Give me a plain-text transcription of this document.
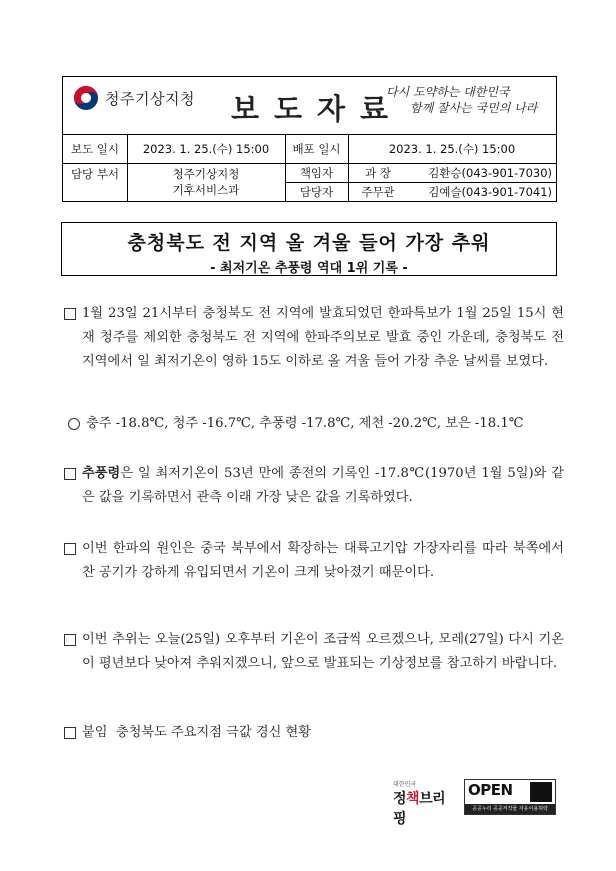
청주기상지청 보도자료
다시 도약하는 대한민국
함께 잘사는 국민의 나라
보도 일시	2023. 1. 25.(수) 15:00	배포 일시	2023. 1. 25.(수) 15:00
담당 부서	청주기상지청
기후서비스과
책임자	과 장	김환승(043-901-7030)
담당자	주무관	김예슬(043-901-7041)
충청북도 전 지역 올 겨울 들어 가장 추워
- 최저기온 추풍령 역대 1위 기록 -
1월 23일 21시부터 충청북도 전 지역에 발효되었던 한파특보가 1월 25일 15시 현재 청주를 제외한 충청북도 전 지역에 한파주의보로 발효 중인 가운데, 충청북도 전 지역에서 일 최저기온이 영하 15도 이하로 올 겨울 들어 가장 추운 날씨를 보였다.
충주 -18.8℃, 청주 -16.7℃, 추풍령 -17.8℃, 제천 -20.2℃, 보은 -18.1℃
추풍령은 일 최저기온이 53년 만에 종전의 기록인 -17.8℃(1970년 1월 5일)와 같은 값을 기록하면서 관측 이래 가장 낮은 값을 기록하였다.
이번 한파의 원인은 중국 북부에서 확장하는 대륙고기압 가장자리를 따라 북쪽에서 찬 공기가 강하게 유입되면서 기온이 크게 낮아졌기 때문이다.
이번 추위는 오늘(25일) 오후부터 기온이 조금씩 오르겠으나, 모레(27일) 다시 기온이 평년보다 낮아져 추워지겠으니, 앞으로 발표되는 기상정보를 참고하기 바랍니다.
붙임  충청북도 주요지점 극값 경신 현황
대한민국
정책브리핑
OPEN
공공누리 공공저작물 자유이용허락
